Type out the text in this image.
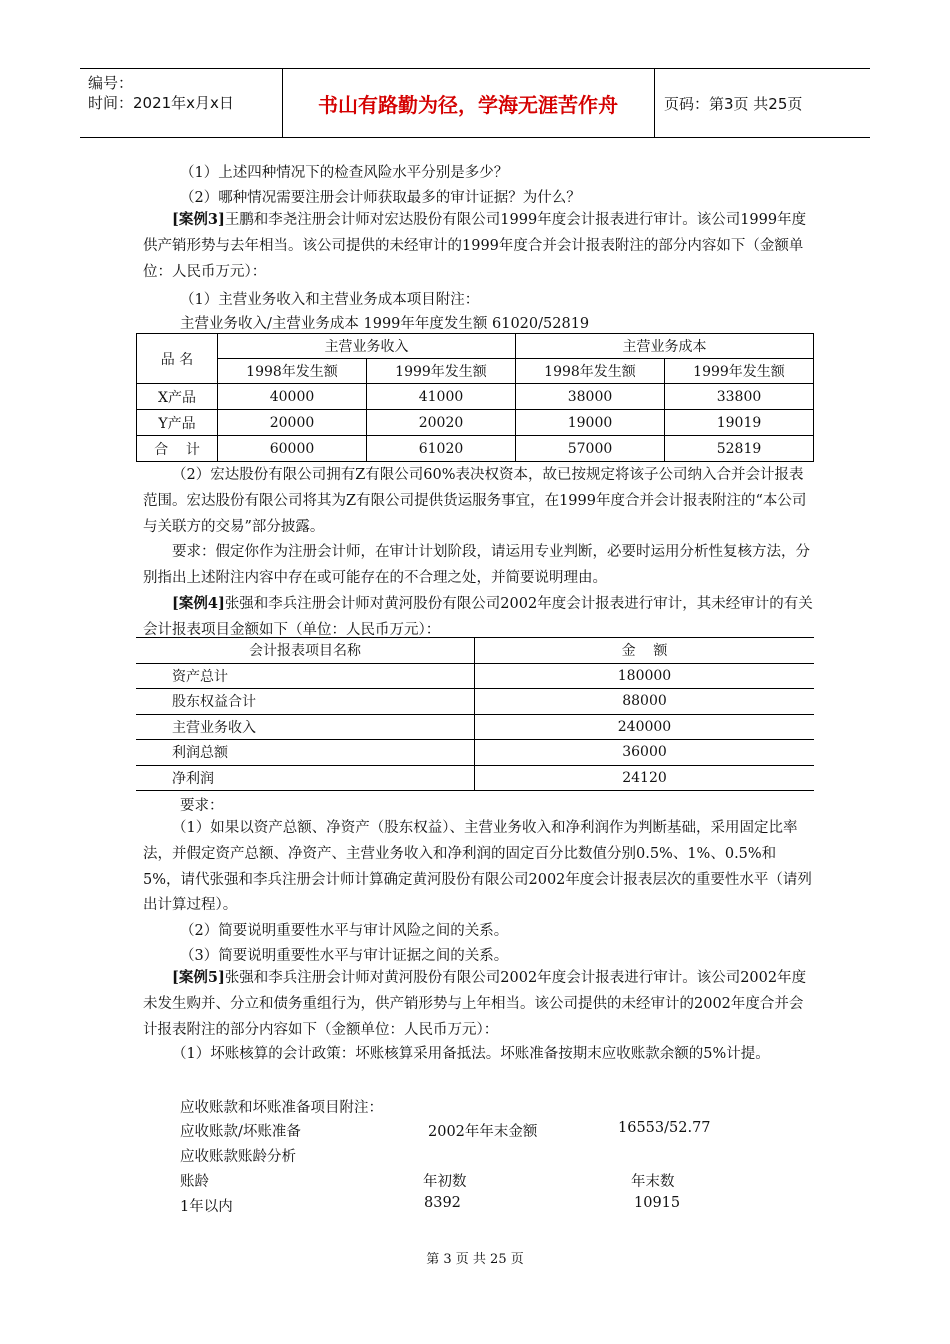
编号：
时间：2021年x月x日	书山有路勤为径，学海无涯苦作舟	页码：第3页 共25页
（1）上述四种情况下的检查风险水平分别是多少？
（2）哪种情况需要注册会计师获取最多的审计证据？为什么？
[案例3]王鹏和李尧注册会计师对宏达股份有限公司1999年度会计报表进行审计。该公司1999年度供产销形势与去年相当。该公司提供的未经审计的1999年度合并会计报表附注的部分内容如下（金额单位：人民币万元）：
（1）主营业务收入和主营业务成本项目附注：
主营业务收入/主营业务成本 1999年年度发生额 61020/52819
品 名	主营业务收入		主营业务成本	
	1998年发生额	1999年发生额	1998年发生额	1999年发生额
X产品	40000	41000	38000	33800
Y产品	20000	20020	19000	19019
合    计	60000	61020	57000	52819
（2）宏达股份有限公司拥有Z有限公司60%表决权资本，故已按规定将该子公司纳入合并会计报表范围。宏达股份有限公司将其为Z有限公司提供货运服务事宜，在1999年度合并会计报表附注的“本公司与关联方的交易”部分披露。
要求：假定你作为注册会计师，在审计计划阶段，请运用专业判断，必要时运用分析性复核方法，分别指出上述附注内容中存在或可能存在的不合理之处，并简要说明理由。
[案例4]张强和李兵注册会计师对黄河股份有限公司2002年度会计报表进行审计，其未经审计的有关会计报表项目金额如下（单位：人民币万元）：
会计报表项目名称	金    额
资产总计	180000
股东权益合计	88000
主营业务收入	240000
利润总额	36000
净利润	24120
要求：
（1）如果以资产总额、净资产（股东权益）、主营业务收入和净利润作为判断基础，采用固定比率法，并假定资产总额、净资产、主营业务收入和净利润的固定百分比数值分别0.5%、1%、0.5%和5%，请代张强和李兵注册会计师计算确定黄河股份有限公司2002年度会计报表层次的重要性水平（请列出计算过程）。
（2）简要说明重要性水平与审计风险之间的关系。
（3）简要说明重要性水平与审计证据之间的关系。
[案例5]张强和李兵注册会计师对黄河股份有限公司2002年度会计报表进行审计。该公司2002年度未发生购并、分立和债务重组行为，供产销形势与上年相当。该公司提供的未经审计的2002年度合并会计报表附注的部分内容如下（金额单位：人民币万元）：
（1）坏账核算的会计政策：坏账核算采用备抵法。坏账准备按期末应收账款余额的5%计提。
应收账款和坏账准备项目附注：
应收账款/坏账准备	2002年年末金额	16553/52.77
应收账款账龄分析
账龄	年初数	年末数
1年以内	8392	10915
第 3 页 共 25 页
